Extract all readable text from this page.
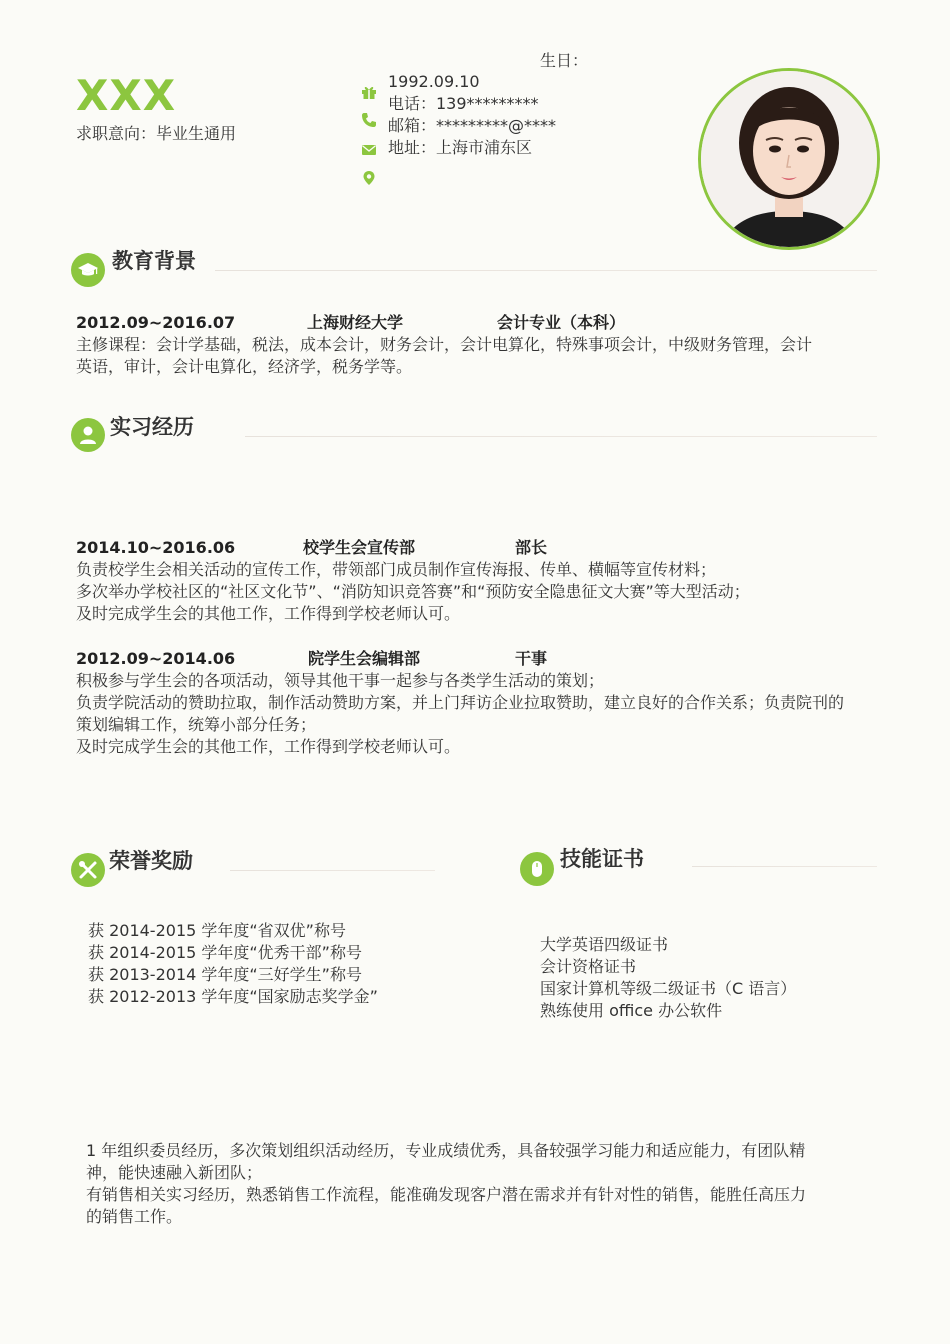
XXX
求职意向：毕业生通用
生日：
1992.09.10
电话：139*********
邮箱：*********@****
地址：上海市浦东区
教育背景
2012.09~2016.07	上海财经大学	会计专业（本科）
主修课程：会计学基础，税法，成本会计，财务会计，会计电算化，特殊事项会计，中级财务管理，会计
英语，审计，会计电算化，经济学，税务学等。
实习经历
2014.10~2016.06	校学生会宣传部	部长
负责校学生会相关活动的宣传工作，带领部门成员制作宣传海报、传单、横幅等宣传材料；
多次举办学校社区的“社区文化节”、“消防知识竞答赛”和“预防安全隐患征文大赛”等大型活动；
及时完成学生会的其他工作，工作得到学校老师认可。
2012.09~2014.06	院学生会编辑部	干事
积极参与学生会的各项活动，领导其他干事一起参与各类学生活动的策划；
负责学院活动的赞助拉取，制作活动赞助方案，并上门拜访企业拉取赞助，建立良好的合作关系；负责院刊的
策划编辑工作，统筹小部分任务；
及时完成学生会的其他工作，工作得到学校老师认可。
荣誉奖励
获 2014-2015 学年度“省双优”称号
获 2014-2015 学年度“优秀干部”称号
获 2013-2014 学年度“三好学生”称号
获 2012-2013 学年度“国家励志奖学金”
技能证书
大学英语四级证书
会计资格证书
国家计算机等级二级证书（C 语言）
熟练使用 office 办公软件
1 年组织委员经历，多次策划组织活动经历，专业成绩优秀，具备较强学习能力和适应能力，有团队精
神，能快速融入新团队；
有销售相关实习经历，熟悉销售工作流程，能准确发现客户潜在需求并有针对性的销售，能胜任高压力
的销售工作。
